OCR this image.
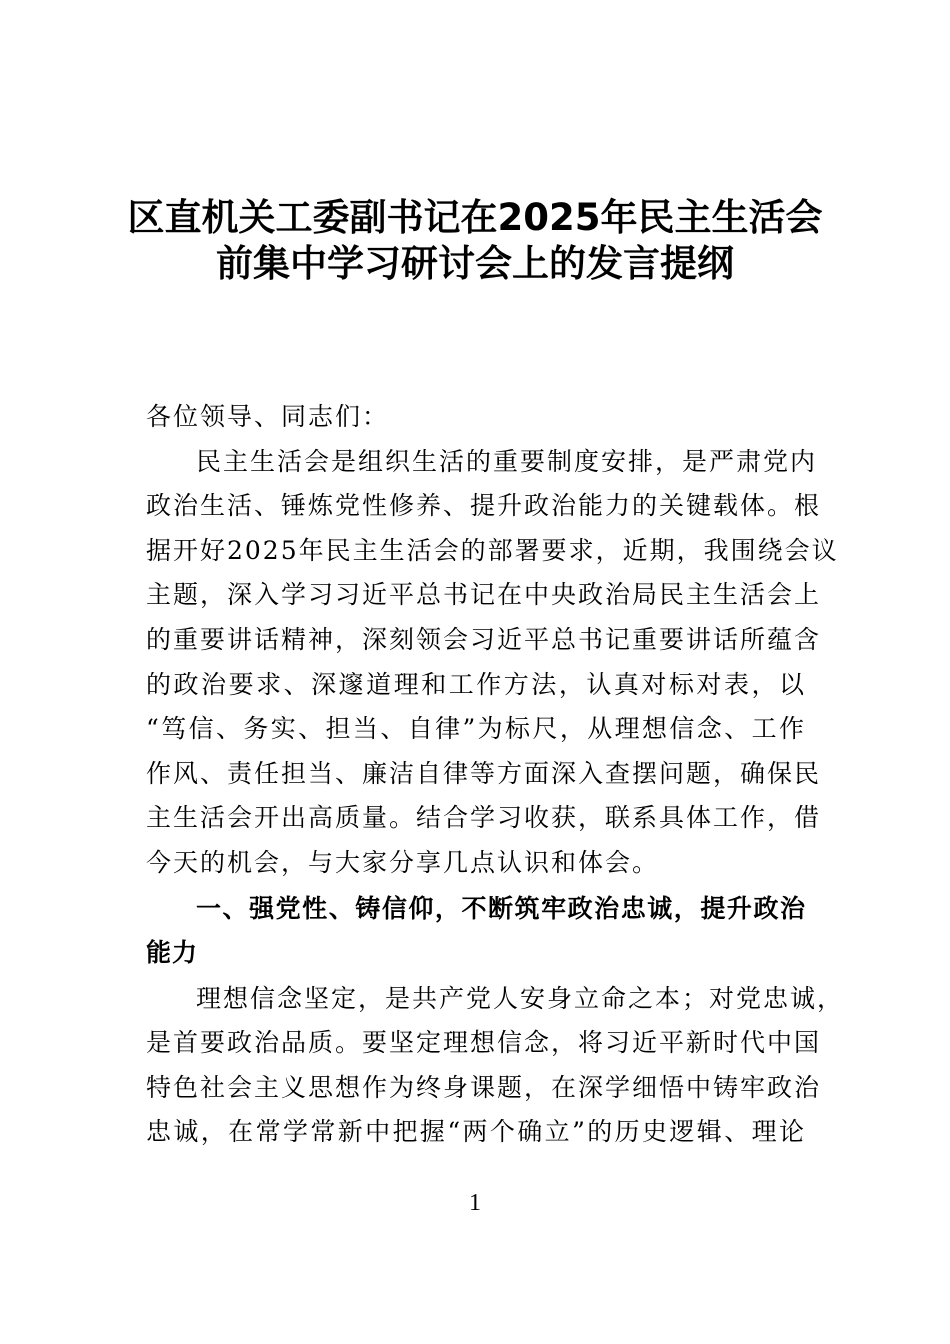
区直机关工委副书记在2025年民主生活会
前集中学习研讨会上的发言提纲
各位领导、同志们：
民主生活会是组织生活的重要制度安排，是严肃党内
政治生活、锤炼党性修养、提升政治能力的关键载体。根
据开好2025年民主生活会的部署要求，近期，我围绕会议
主题，深入学习习近平总书记在中央政治局民主生活会上
的重要讲话精神，深刻领会习近平总书记重要讲话所蕴含
的政治要求、深邃道理和工作方法，认真对标对表，以
“笃信、务实、担当、自律”为标尺，从理想信念、工作
作风、责任担当、廉洁自律等方面深入查摆问题，确保民
主生活会开出高质量。结合学习收获，联系具体工作，借
今天的机会，与大家分享几点认识和体会。
一、强党性、铸信仰，不断筑牢政治忠诚，提升政治
能力
理想信念坚定，是共产党人安身立命之本；对党忠诚，
是首要政治品质。要坚定理想信念，将习近平新时代中国
特色社会主义思想作为终身课题，在深学细悟中铸牢政治
忠诚，在常学常新中把握“两个确立”的历史逻辑、理论
1
